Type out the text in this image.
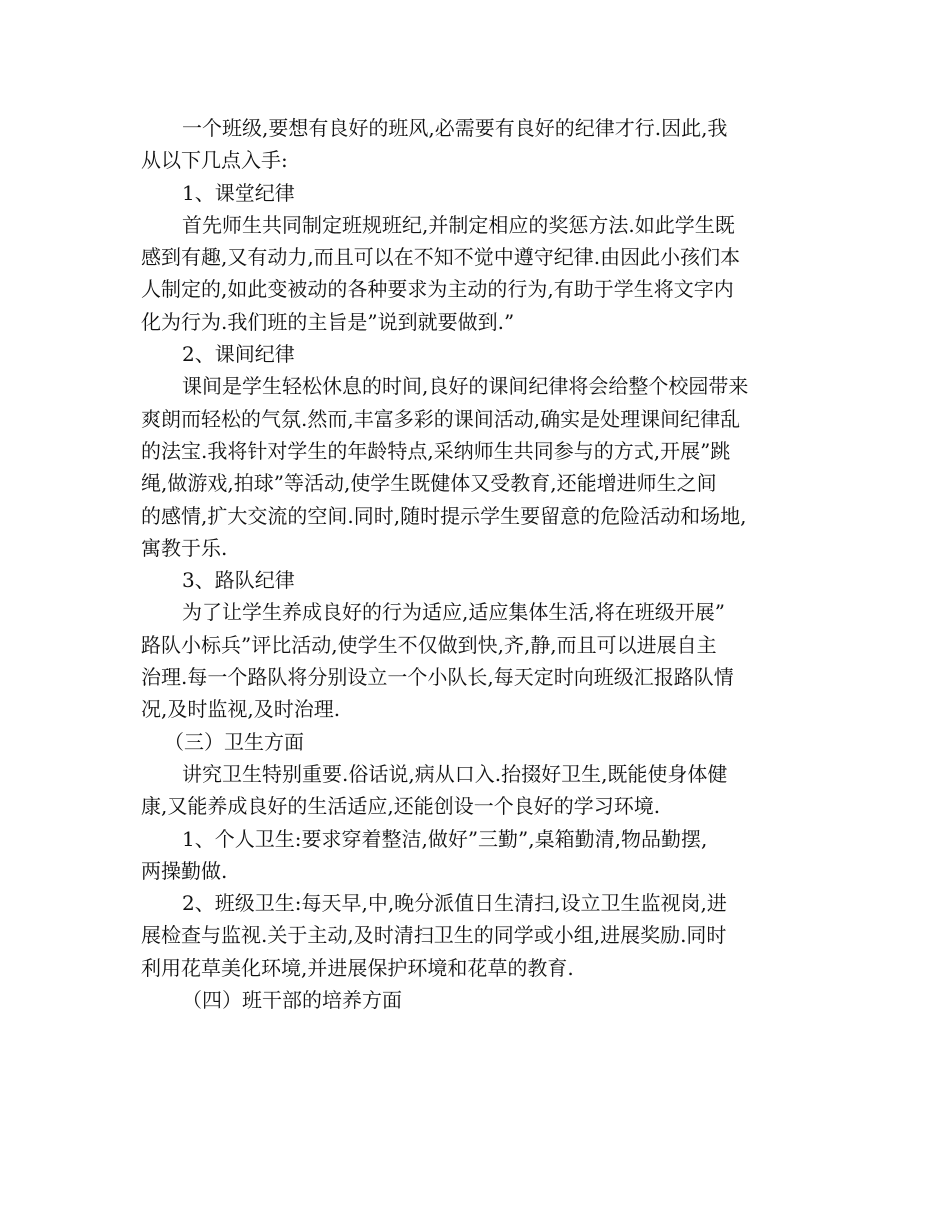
一个班级,要想有良好的班风,必需要有良好的纪律才行.因此,我

从以下几点入手:

1、课堂纪律

首先师生共同制定班规班纪,并制定相应的奖惩方法.如此学生既

感到有趣,又有动力,而且可以在不知不觉中遵守纪律.由因此小孩们本

人制定的,如此变被动的各种要求为主动的行为,有助于学生将文字内

化为行为.我们班的主旨是”说到就要做到.”

2、课间纪律

课间是学生轻松休息的时间,良好的课间纪律将会给整个校园带来

爽朗而轻松的气氛.然而,丰富多彩的课间活动,确实是处理课间纪律乱

的法宝.我将针对学生的年龄特点,采纳师生共同参与的方式,开展”跳

绳,做游戏,拍球”等活动,使学生既健体又受教育,还能增进师生之间

的感情,扩大交流的空间.同时,随时提示学生要留意的危险活动和场地,

寓教于乐.

3、路队纪律

为了让学生养成良好的行为适应,适应集体生活,将在班级开展”

路队小标兵”评比活动,使学生不仅做到快,齐,静,而且可以进展自主

治理.每一个路队将分别设立一个小队长,每天定时向班级汇报路队情

况,及时监视,及时治理.

（三）卫生方面

讲究卫生特别重要.俗话说,病从口入.抬掇好卫生,既能使身体健

康,又能养成良好的生活适应,还能创设一个良好的学习环境.

1、个人卫生:要求穿着整洁,做好”三勤”,桌箱勤清,物品勤摆,

两操勤做.

2、班级卫生:每天早,中,晚分派值日生清扫,设立卫生监视岗,进

展检查与监视.关于主动,及时清扫卫生的同学或小组,进展奖励.同时

利用花草美化环境,并进展保护环境和花草的教育.

（四）班干部的培养方面
